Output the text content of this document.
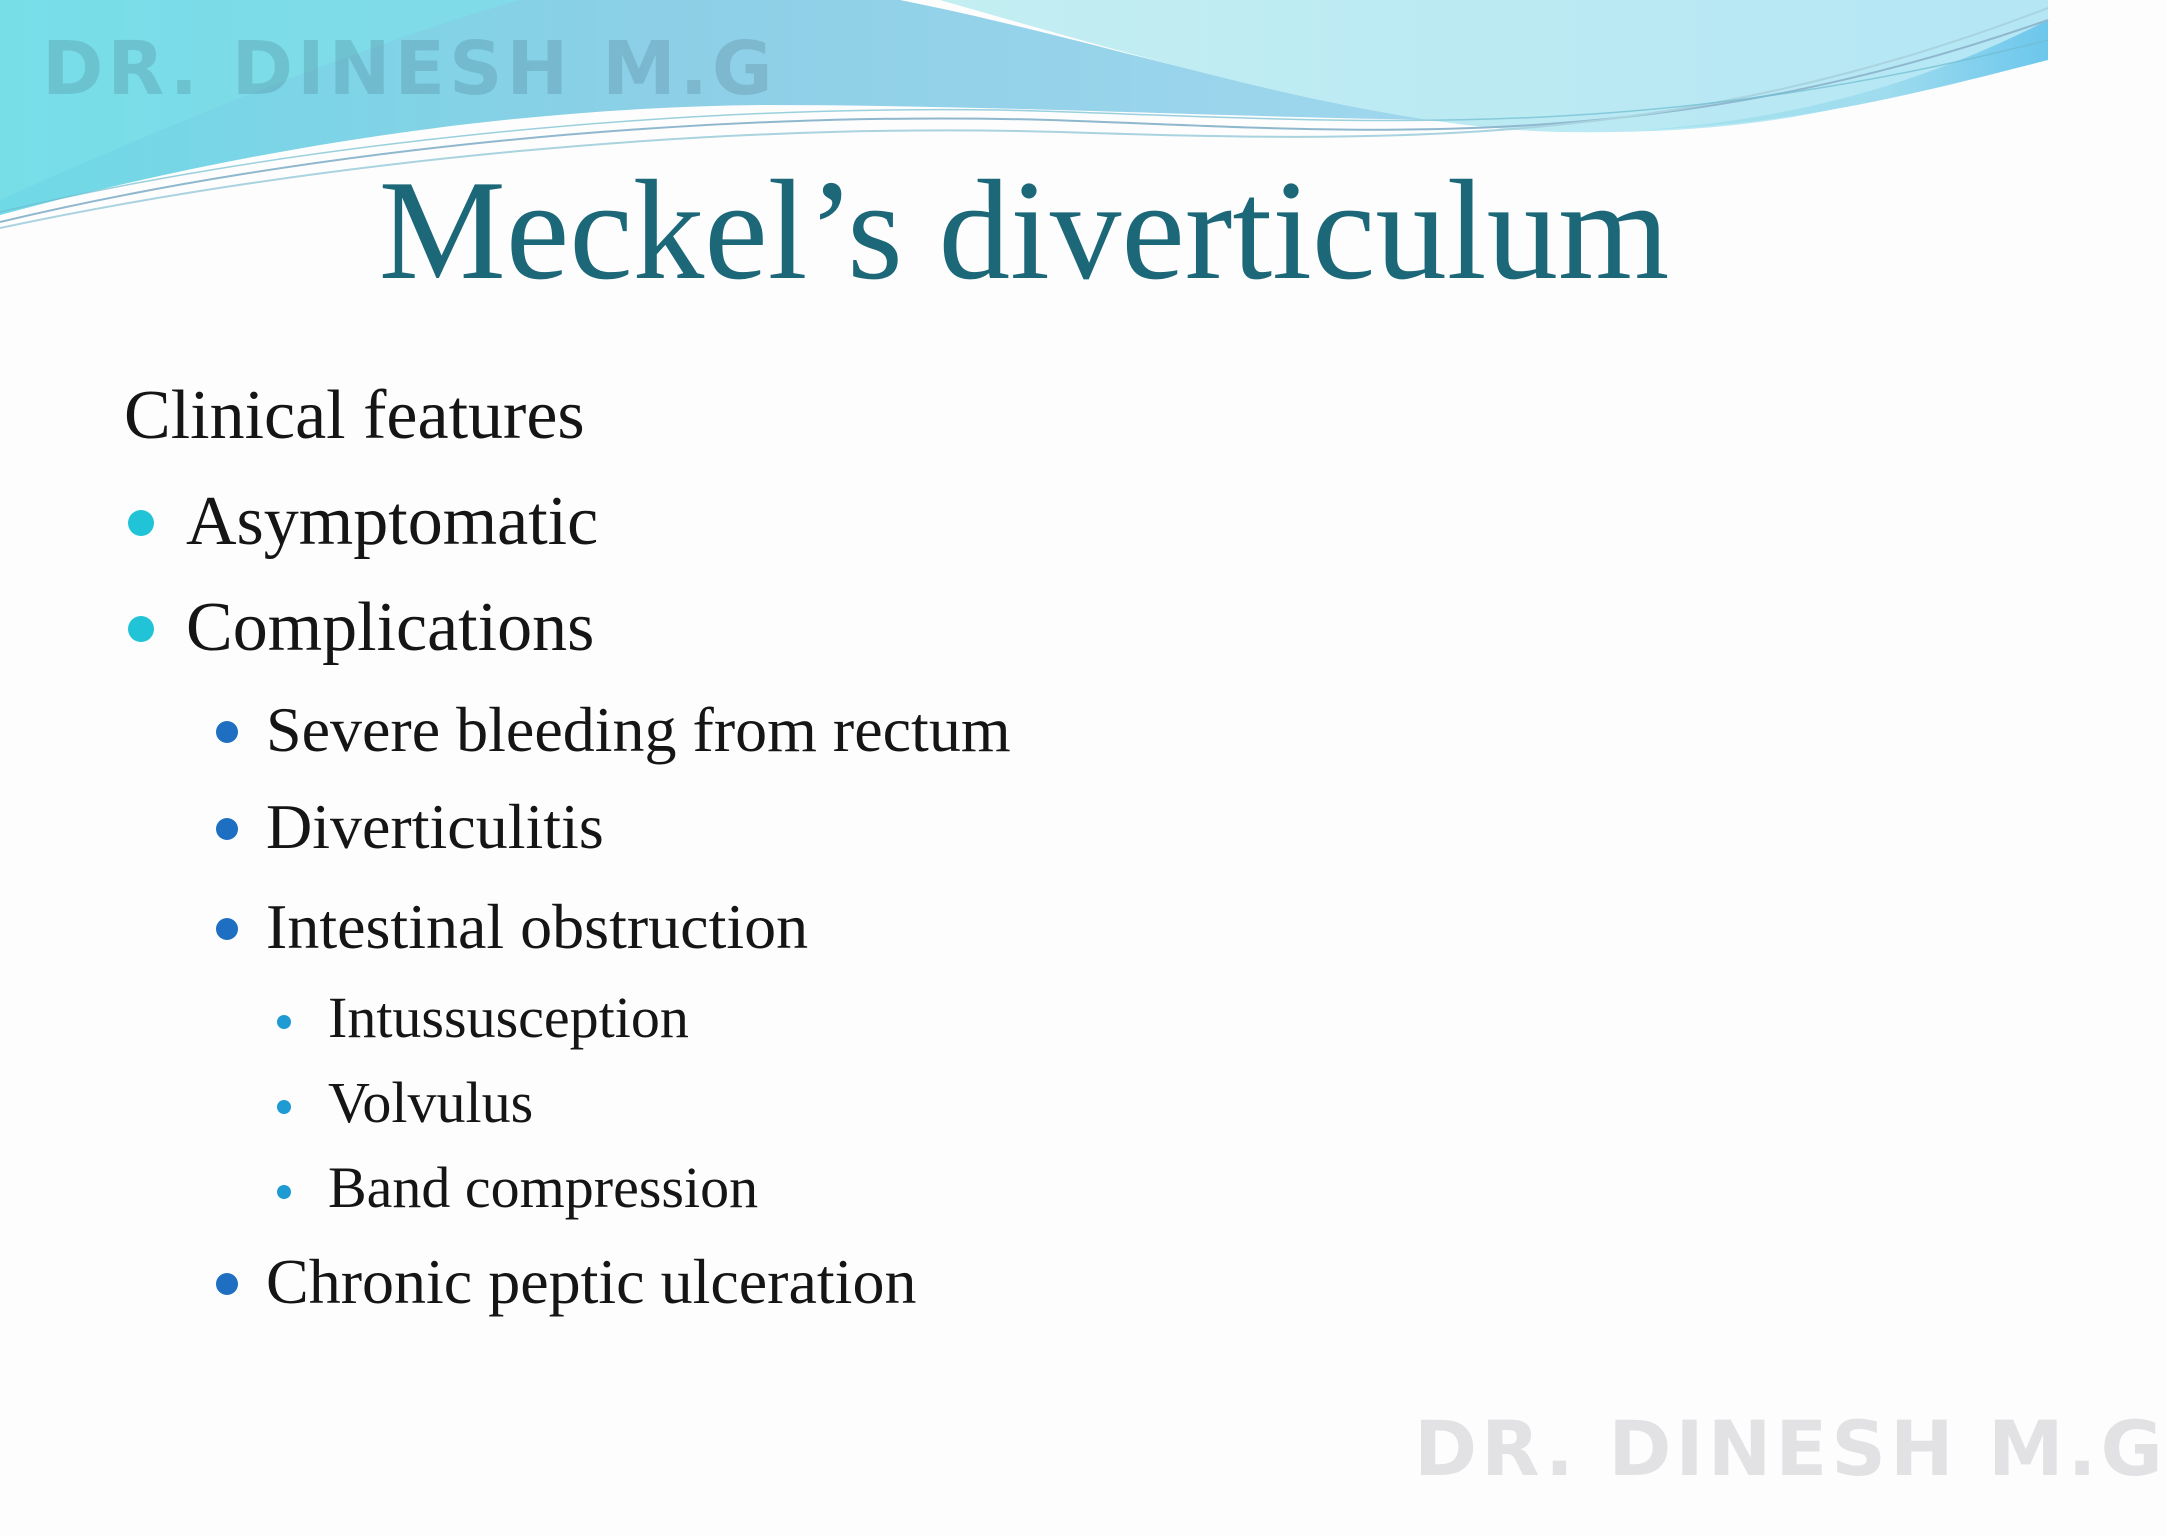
DR. DINESH M.G
Meckel’s diverticulum
Clinical features
Asymptomatic
Complications
Severe bleeding from rectum
Diverticulitis
Intestinal obstruction
Intussusception
Volvulus
Band compression
Chronic peptic ulceration
DR. DINESH M.G
